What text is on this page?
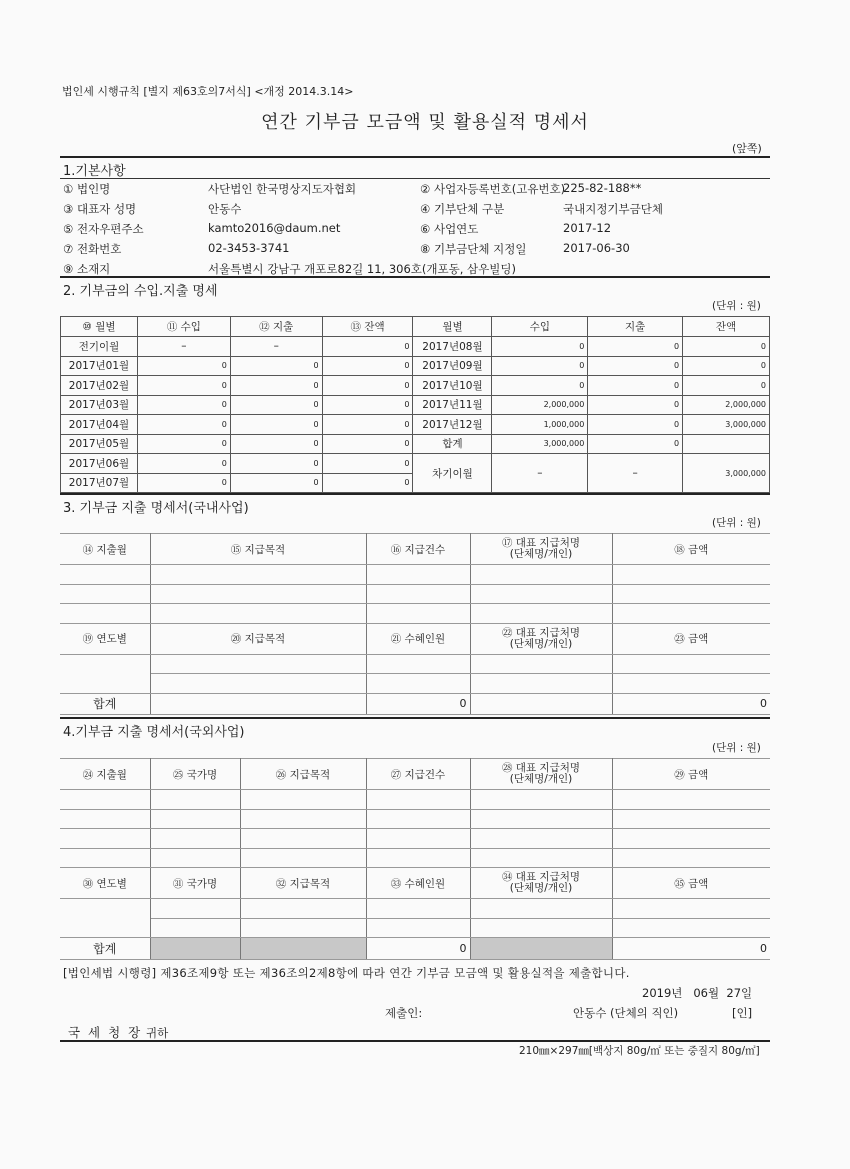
법인세 시행규칙 [별지 제63호의7서식] <개정 2014.3.14>
연간 기부금 모금액 및 활용실적 명세서
(앞쪽)
1.기본사항
① 법인명	사단법인 한국명상지도자협회	② 사업자등록번호(고유번호)
225-82-188**
③ 대표자 성명	안동수	④ 기부단체 구분	국내지정기부금단체
⑤ 전자우편주소	kamto2016@daum.net	⑥ 사업연도	2017-12
⑦ 전화번호	02-3453-3741	⑧ 기부금단체 지정일	2017-06-30
⑨ 소재지	서울특별시 강남구 개포로82길 11, 306호(개포동, 삼우빌딩)
2. 기부금의 수입.지출 명세
(단위 : 원)
⑩ 월별	⑪ 수입	⑫ 지출	⑬ 잔액	월별	수입	지출	잔액
전기이월	–	–	0	2017년08월	0	0	0
2017년01월	0	0	0	2017년09월	0	0	0
2017년02월	0	0	0	2017년10월	0	0	0
2017년03월	0	0	0	2017년11월	2,000,000	0	2,000,000
2017년04월	0	0	0	2017년12월	1,000,000	0	3,000,000
2017년05월	0	0	0	합계	3,000,000	0	
2017년06월	0	0	0	차기이월	–	–	3,000,000
2017년07월	0	0	0				
3. 기부금 지출 명세서(국내사업)
(단위 : 원)
⑭ 지출월	⑮ 지급목적	⑯ 지급건수	⑰ 대표 지급처명
(단체명/개인)	⑱ 금액

⑲ 연도별	⑳ 지급목적	㉑ 수혜인원	㉒ 대표 지급처명
(단체명/개인)	㉓ 금액

합계		0		0
4.기부금 지출 명세서(국외사업)
(단위 : 원)
㉔ 지출월	㉕ 국가명	㉖ 지급목적	㉗ 지급건수	㉘ 대표 지급처명
(단체명/개인)	㉙ 금액

㉚ 연도별	㉛ 국가명	㉜ 지급목적	㉝ 수혜인원	㉞ 대표 지급처명
(단체명/개인)	㉟ 금액

합계			0		0
[법인세법 시행령] 제36조제9항 또는 제36조의2제8항에 따라 연간 기부금 모금액 및 활용실적을 제출합니다.
2019년   06월  27일
제출인:	안동수 (단체의 직인)	[인]
국 세 청 장 귀하
210㎜×297㎜[백상지 80g/㎡ 또는 중질지 80g/㎡]
